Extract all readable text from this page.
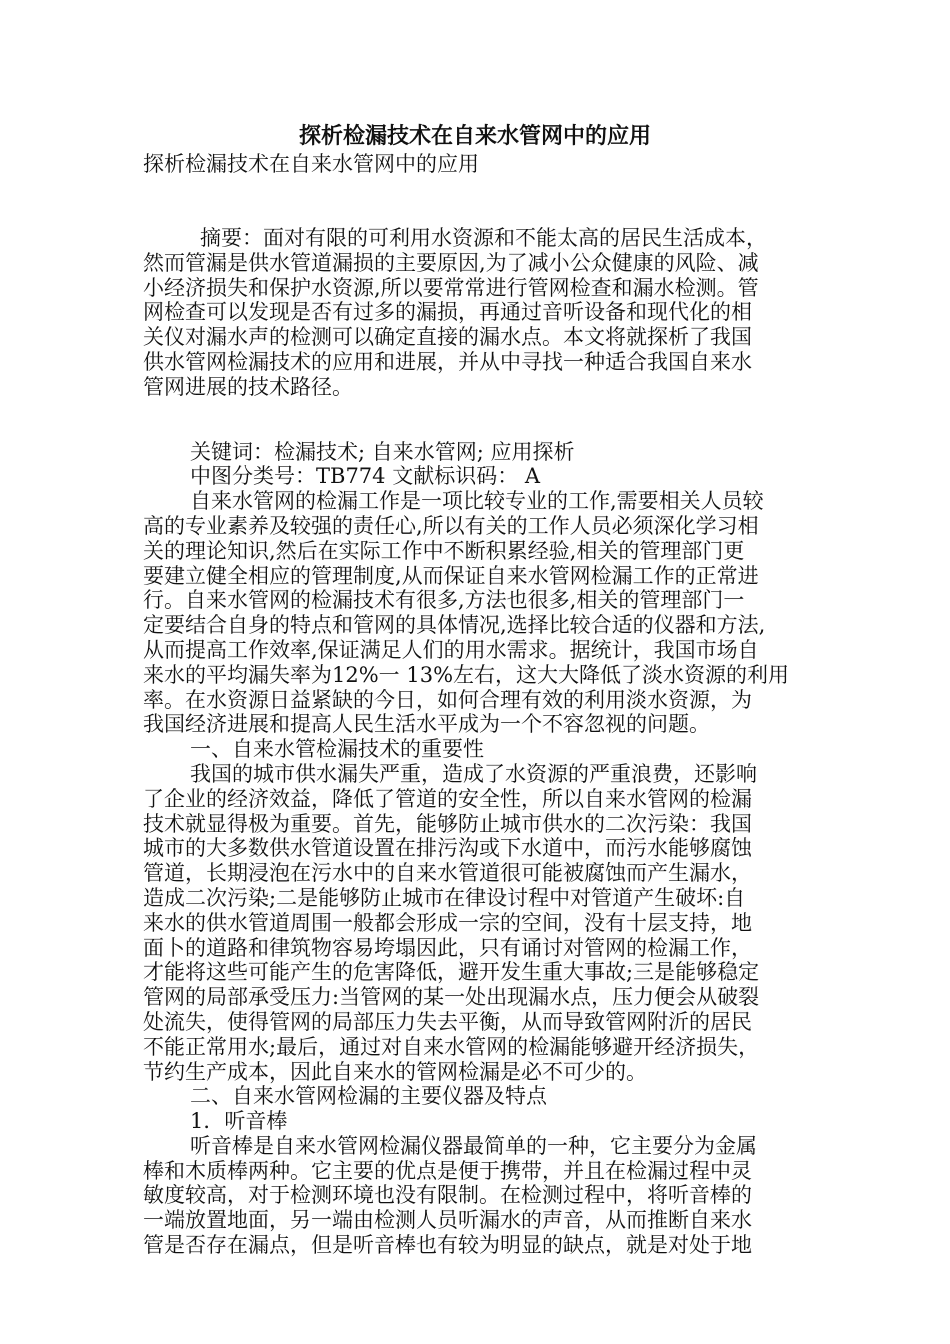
探析检漏技术在自来水管网中的应用
探析检漏技术在自来水管网中的应用
摘要：面对有限的可利用水资源和不能太高的居民生活成本，
然而管漏是供水管道漏损的主要原因,为了减小公众健康的风险、减
小经济损失和保护水资源,所以要常常进行管网检查和漏水检测。管
网检查可以发现是否有过多的漏损，再通过音听设备和现代化的相
关仪对漏水声的检测可以确定直接的漏水点。本文将就探析了我国
供水管网检漏技术的应用和进展，并从中寻找一种适合我国自来水
管网进展的技术路径。
关键词：检漏技术; 自来水管网; 应用探析
中图分类号：TB774 文献标识码： A
自来水管网的检漏工作是一项比较专业的工作,需要相关人员较
高的专业素养及较强的责任心,所以有关的工作人员必须深化学习相
关的理论知识,然后在实际工作中不断积累经验,相关的管理部门更
要建立健全相应的管理制度,从而保证自来水管网检漏工作的正常进
行。自来水管网的检漏技术有很多,方法也很多,相关的管理部门一
定要结合自身的特点和管网的具体情况,选择比较合适的仪器和方法,
从而提高工作效率,保证满足人们的用水需求。据统计，我国市场自
来水的平均漏失率为12%一 13%左右，这大大降低了淡水资源的利用
率。在水资源日益紧缺的今日，如何合理有效的利用淡水资源，为
我国经济进展和提高人民生活水平成为一个不容忽视的问题。
一、自来水管检漏技术的重要性
我国的城市供水漏失严重，造成了水资源的严重浪费，还影响
了企业的经济效益，降低了管道的安全性，所以自来水管网的检漏
技术就显得极为重要。首先，能够防止城市供水的二次污染：我国
城市的大多数供水管道设置在排污沟或下水道中，而污水能够腐蚀
管道，长期浸泡在污水中的自来水管道很可能被腐蚀而产生漏水，
造成二次污染;二是能够防止城市在律设讨程中对管道产生破坏:自
来水的供水管道周围一般都会形成一宗的空间，没有十层支持，地
面卜的道路和律筑物容易垮塌因此，只有诵讨对管网的检漏工作，
才能将这些可能产生的危害降低，避开发生重大事故;三是能够稳定
管网的局部承受压力:当管网的某一处出现漏水点，压力便会从破裂
处流失，使得管网的局部压力失去平衡，从而导致管网附沂的居民
不能正常用水;最后，通过对自来水管网的检漏能够避开经济损失，
节约生产成本，因此自来水的管网检漏是必不可少的。
二、自来水管网检漏的主要仪器及特点
1．听音棒
听音棒是自来水管网检漏仪器最简单的一种，它主要分为金属
棒和木质棒两种。它主要的优点是便于携带，并且在检漏过程中灵
敏度较高，对于检测环境也没有限制。在检测过程中，将听音棒的
一端放置地面，另一端由检测人员听漏水的声音，从而推断自来水
管是否存在漏点，但是听音棒也有较为明显的缺点，就是对处于地
